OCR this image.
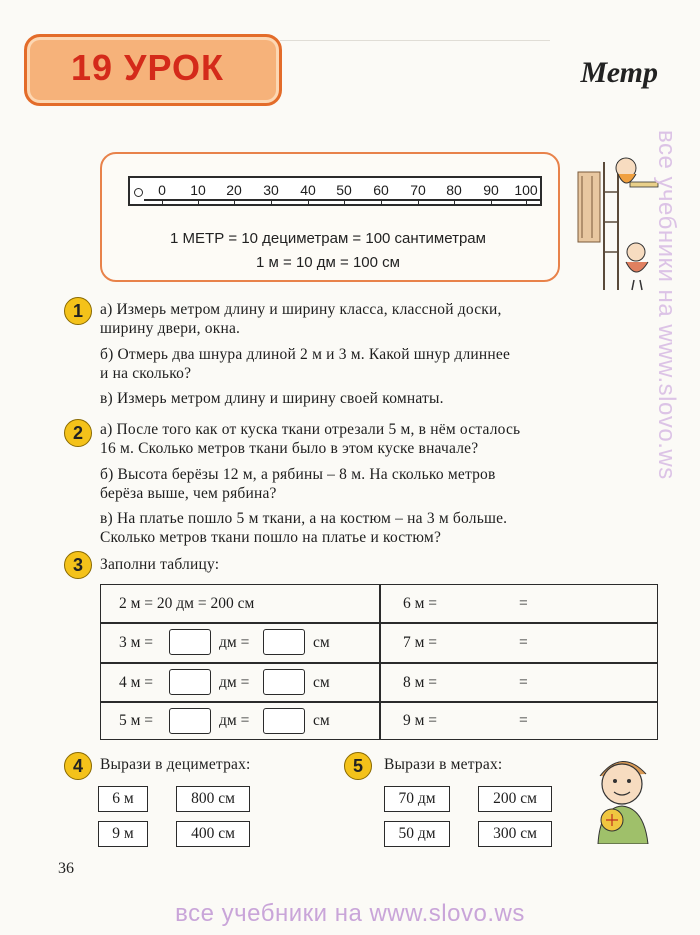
19 УРОК	Метр
0 10 20 30 40 50 60 70 80 90 100
1 МЕТР = 10 дециметрам = 100 сантиметрам
1 м = 10 дм = 100 см
1	а) Измерь метром длину и ширину класса, классной доски,
ширину двери, окна.
б) Отмерь два шнура длиной 2 м и 3 м. Какой шнур длиннее
и на сколько?
в) Измерь метром длину и ширину своей комнаты.
2	а) После того как от куска ткани отрезали 5 м, в нём осталось
16 м. Сколько метров ткани было в этом куске вначале?
б) Высота берёзы 12 м, а рябины – 8 м. На сколько метров
берёза выше, чем рябина?
в) На платье пошло 5 м ткани, а на костюм – на 3 м больше.
Сколько метров ткани пошло на платье и костюм?
3	Заполни таблицу:
2 м = 20 дм = 200 см	6 м =	=
3 м =	дм =	см	7 м =	=
4 м =	дм =	см	8 м =	=
5 м =	дм =	см	9 м =	=
4	Вырази в дециметрах:
6 м	800 см
9 м	400 см
5	Вырази в метрах:
70 дм	200 см
50 дм	300 см
36
все учебники на www.slovo.ws
все учебники на www.slovo.ws
